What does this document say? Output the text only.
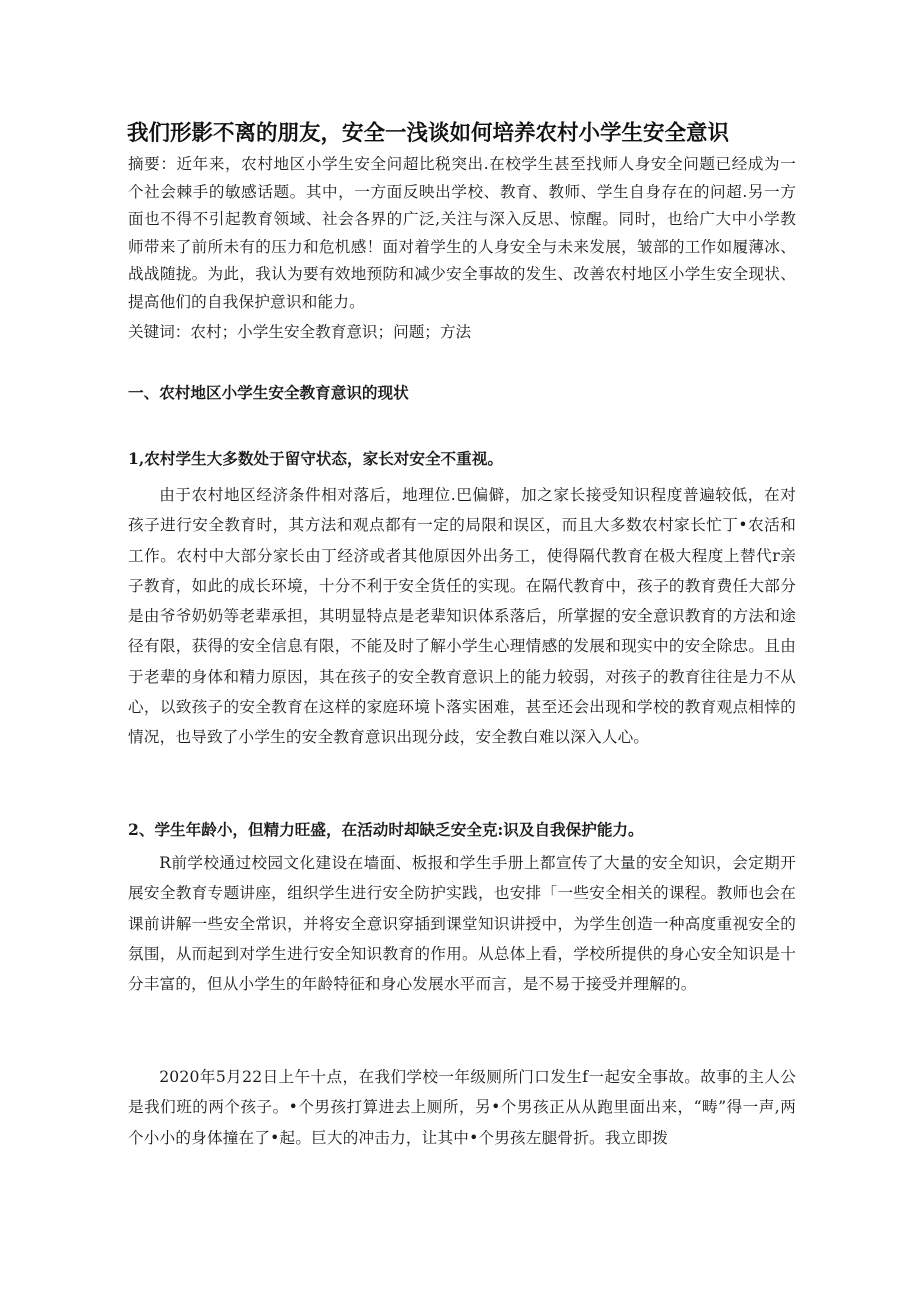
我们形影不离的朋友，安全一浅谈如何培养农村小学生安全意识

摘要：近年来，农村地区小学生安全问超比税突出.在校学生甚至找师人身安全问题已经成为一个社会棘手的敏感话题。其中，一方面反映出学校、教育、教师、学生自身存在的问超.另一方面也不得不引起教育领域、社会各界的广泛,关注与深入反思、惊醒。同时，也给广大中小学教师带来了前所未有的压力和危机感！面对着学生的人身安全与未来发展，皱部的工作如履薄冰、战战随拢。为此，我认为要有效地预防和减少安全事故的发生、改善农村地区小学生安全现状、提高他们的自我保护意识和能力。

关键词：农村；小学生安全教育意识；问题；方法

一、农村地区小学生安全教育意识的现状
1,农村学生大多数处于留守状态，家长对安全不重视。

由于农村地区经济条件相对落后，地理位.巴偏僻，加之家长接受知识程度普遍较低，在对孩子进行安全教育时，其方法和观点都有一定的局限和误区，而且大多数农村家长忙丁•农活和工作。农村中大部分家长由丁经济或者其他原因外出务工，使得隔代教育在极大程度上替代r亲子教育，如此的成长环境，十分不利于安全货任的实现。在隔代教育中，孩子的教育费任大部分是由爷爷奶奶等老辈承担，其明显特点是老辈知识体系落后，所掌握的安全意识教育的方法和途径有限，获得的安全信息有限，不能及时了解小学生心理情感的发展和现实中的安全除忠。且由于老辈的身体和精力原因，其在孩子的安全教育意识上的能力较弱，对孩子的教育往往是力不从心，以致孩子的安全教育在这样的家庭环境卜落实困难，甚至还会出现和学校的教育观点相悻的情况，也导致了小学生的安全教育意识出现分歧，安全教白难以深入人心。

2、学生年龄小，但精力旺盛，在活动时却缺乏安全克:识及自我保护能力。

R前学校通过校园文化建设在墙面、板报和学生手册上都宣传了大量的安全知识，会定期开展安全教育专题讲座，组织学生进行安全防护实践，也安排「一些安全相关的课程。教师也会在课前讲解一些安全常识，并将安全意识穿插到课堂知识讲授中，为学生创造一种高度重视安全的氛围，从而起到对学生进行安全知识教育的作用。从总体上看，学校所提供的身心安全知识是十分丰富的，但从小学生的年龄特征和身心发展水平而言，是不易于接受并理解的。

2020年5月22日上午十点，在我们学校一年级厕所门口发生f一起安全事故。故事的主人公是我们班的两个孩子。•个男孩打算进去上厕所，另•个男孩正从从跑里面出来，“畴”得一声,两个小小的身体撞在了•起。巨大的冲击力，让其中•个男孩左腿骨折。我立即拨
